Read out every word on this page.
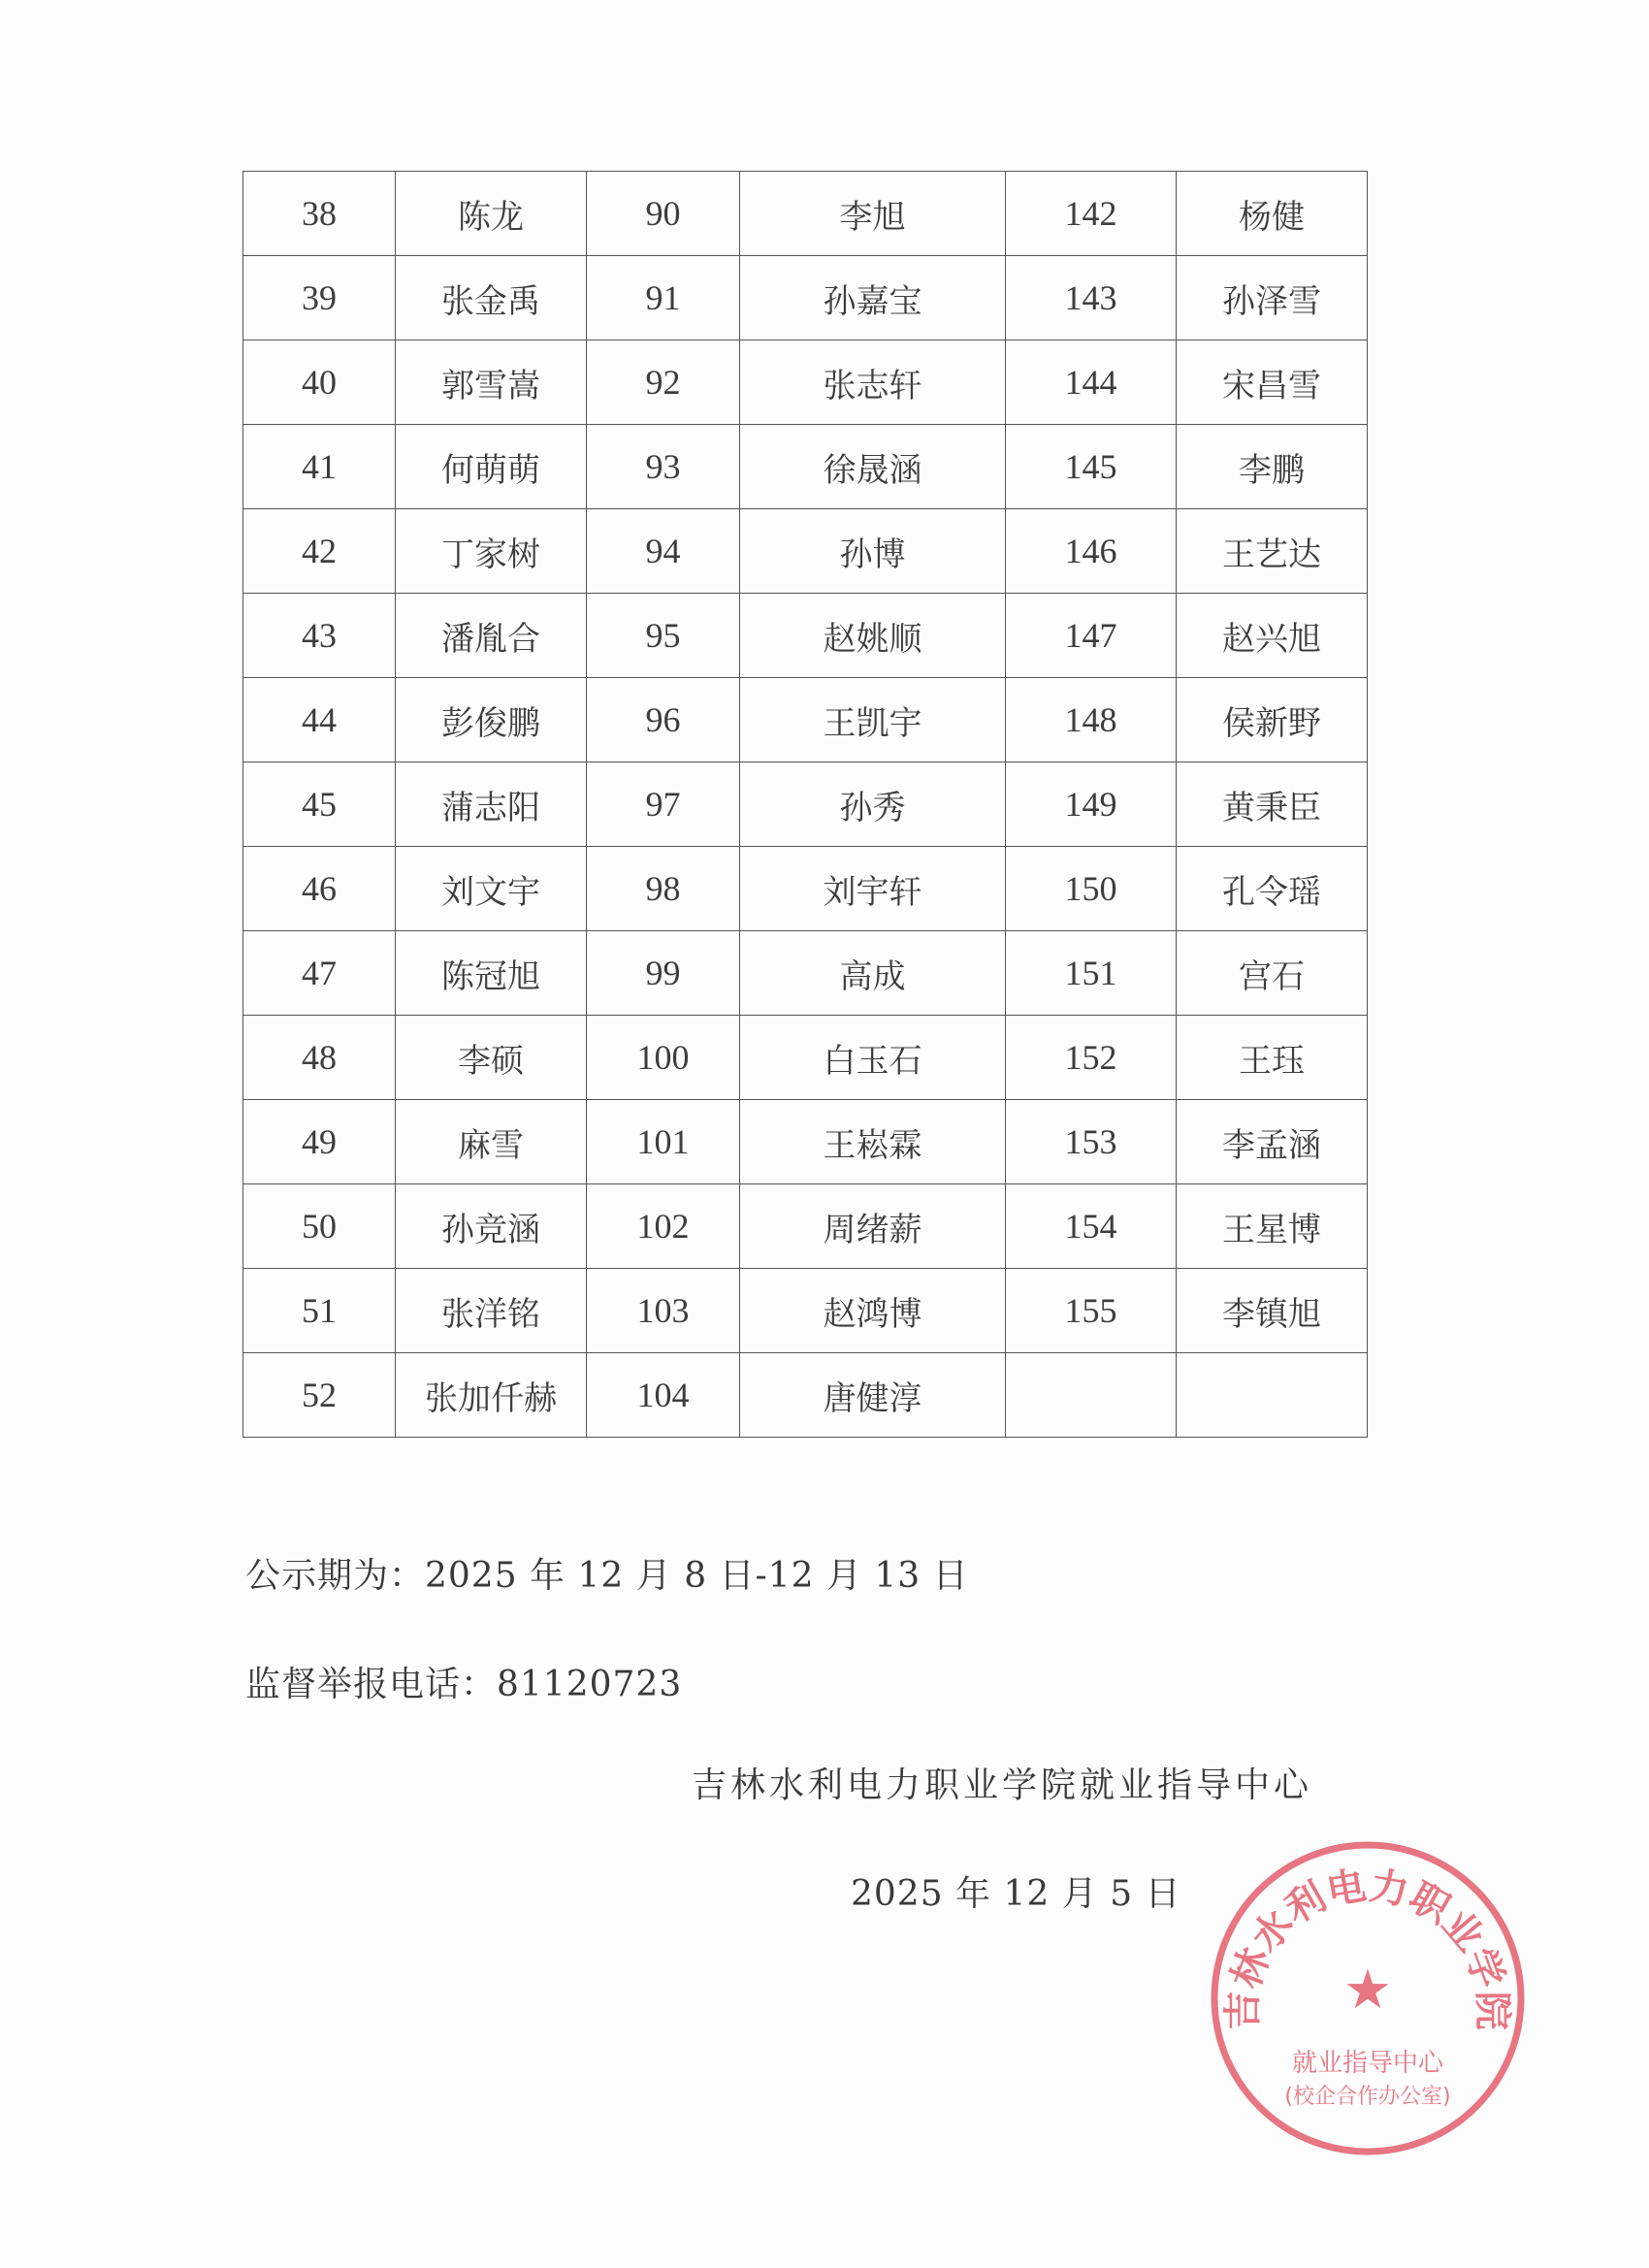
38	陈龙	90	李旭	142	杨健
39	张金禹	91	孙嘉宝	143	孙泽雪
40	郭雪嵩	92	张志轩	144	宋昌雪
41	何萌萌	93	徐晟涵	145	李鹏
42	丁家树	94	孙博	146	王艺达
43	潘胤合	95	赵姚顺	147	赵兴旭
44	彭俊鹏	96	王凯宇	148	侯新野
45	蒲志阳	97	孙秀	149	黄秉臣
46	刘文宇	98	刘宇轩	150	孔令瑶
47	陈冠旭	99	高成	151	宫石
48	李硕	100	白玉石	152	王珏
49	麻雪	101	王崧霖	153	李孟涵
50	孙竞涵	102	周绪薪	154	王星博
51	张洋铭	103	赵鸿博	155	李镇旭
52	张加仟赫	104	唐健淳		
公示期为：2025 年 12 月 8 日-12 月 13 日
监督举报电话：81120723
吉林水利电力职业学院就业指导中心
2025 年 12 月 5 日
吉林水利电力职业学院
★
就业指导中心
(校企合作办公室)
